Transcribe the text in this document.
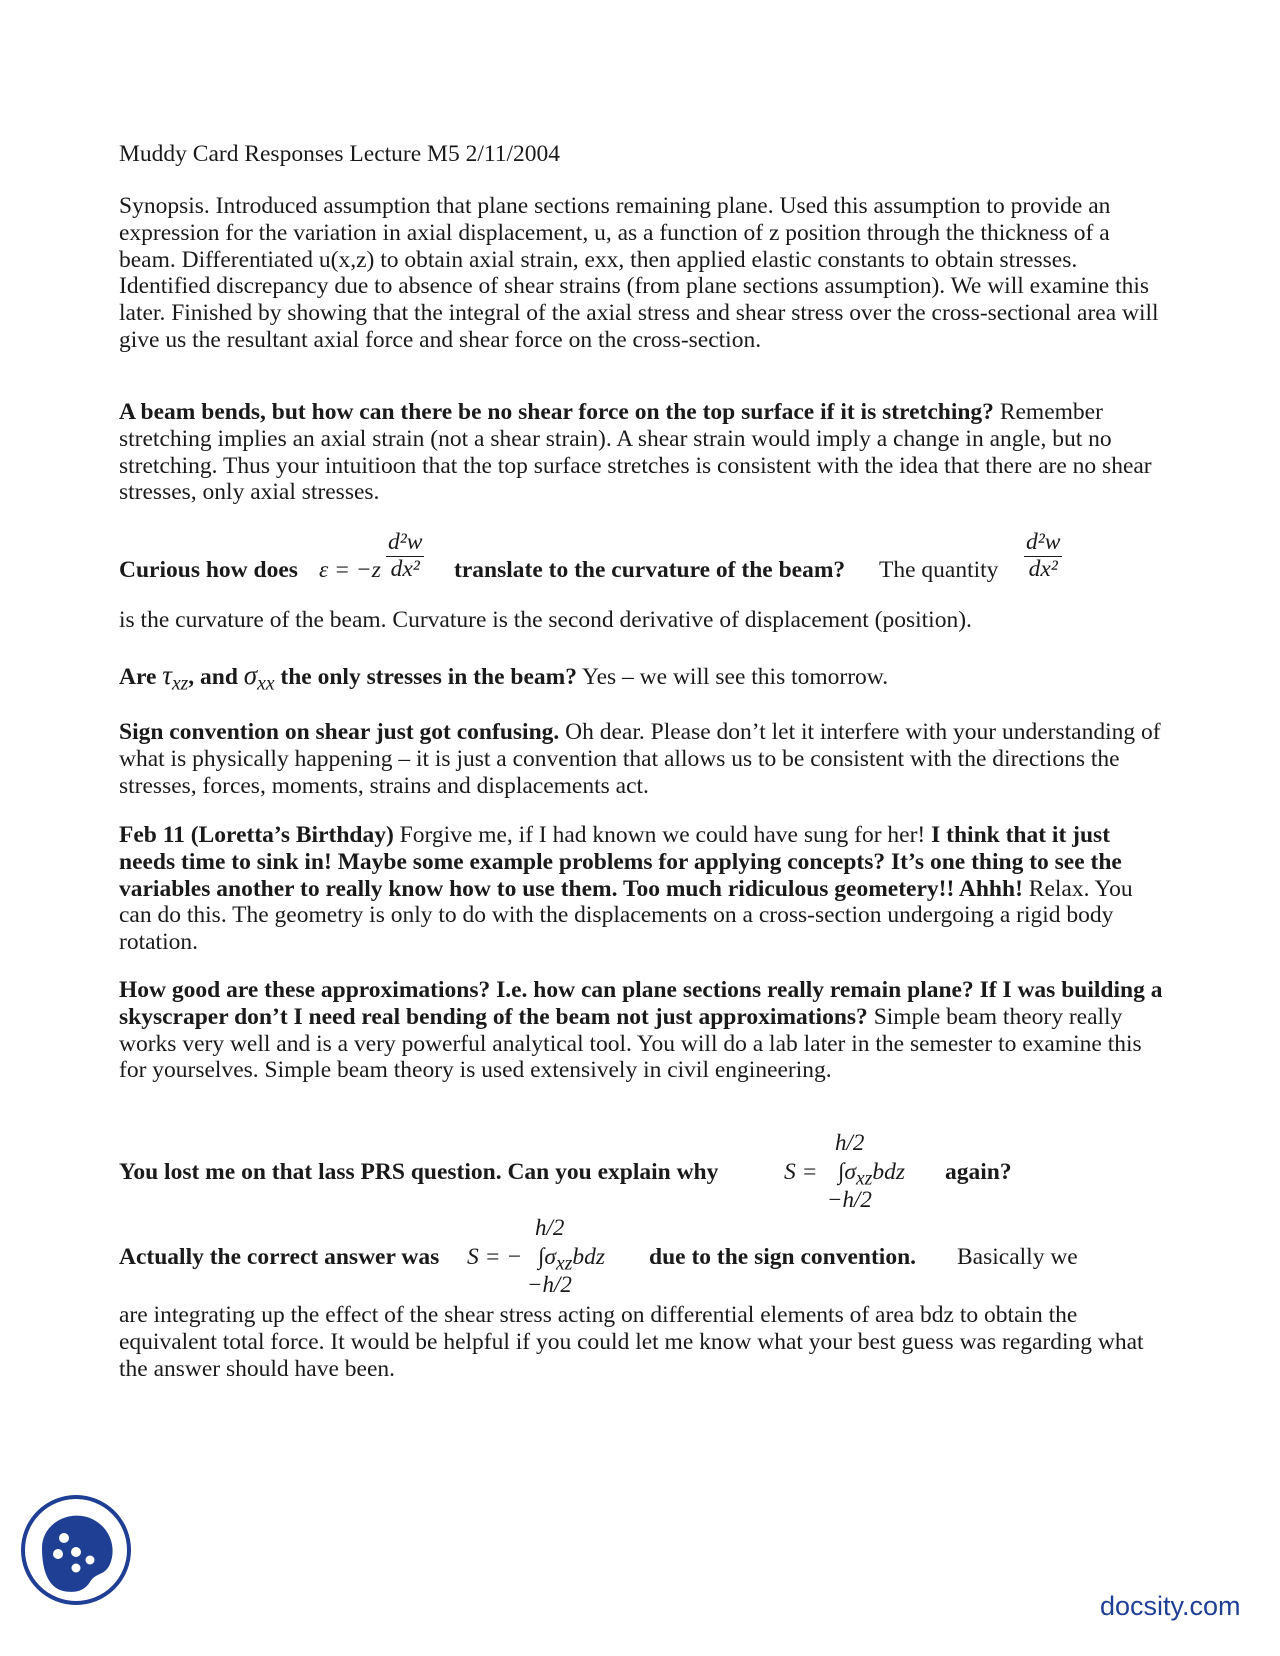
Muddy Card Responses Lecture M5 2/11/2004

Synopsis. Introduced assumption that plane sections remaining plane. Used this assumption to provide an expression for the variation in axial displacement, u, as a function of z position through the thickness of a beam. Differentiated u(x,z) to obtain axial strain, exx, then applied elastic constants to obtain stresses. Identified discrepancy due to absence of shear strains (from plane sections assumption). We will examine this later. Finished by showing that the integral of the axial stress and shear stress over the cross-sectional area will give us the resultant axial force and shear force on the cross-section.

A beam bends, but how can there be no shear force on the top surface if it is stretching? Remember stretching implies an axial strain (not a shear strain). A shear strain would imply a change in angle, but no stretching. Thus your intuitioon that the top surface stretches is consistent with the idea that there are no shear stresses, only axial stresses.

Curious how does $\varepsilon = -z \frac{\text{d²w}}{\text{dx²}}$ translate to the curvature of the beam? The quantity $\frac{\text{d²w}}{\text{dx²}}$

is the curvature of the beam. Curvature is the second derivative of displacement (position).

Are $\tau_{xz}$, and $\sigma_{xx}$ the only stresses in the beam? Yes – we will see this tomorrow.

Sign convention on shear just got confusing. Oh dear. Please don’t let it interfere with your understanding of what is physically happening – it is just a convention that allows us to be consistent with the directions the stresses, forces, moments, strains and displacements act.

Feb 11 (Loretta’s Birthday) Forgive me, if I had known we could have sung for her! I think that it just needs time to sink in! Maybe some example problems for applying concepts? It’s one thing to see the variables another to really know how to use them. Too much ridiculous geometery!! Ahhh! Relax. You can do this. The geometry is only to do with the displacements on a cross-section undergoing a rigid body rotation.

How good are these approximations? I.e. how can plane sections really remain plane? If I was building a skyscraper don’t I need real bending of the beam not just approximations? Simple beam theory really works very well and is a very powerful analytical tool. You will do a lab later in the semester to examine this for yourselves. Simple beam theory is used extensively in civil engineering.

You lost me on that lass PRS question. Can you explain why	S =
h/2
$\int\sigma_{xz}bdz$
−h/2
again?
Actually the correct answer was S = −
h/2
$\int\sigma_{xz}bdz$
−h/2
due to the sign convention. Basically we

are integrating up the effect of the shear stress acting on differential elements of area bdz to obtain the equivalent total force. It would be helpful if you could let me know what your best guess was regarding what the answer should have been.

docsity.com
